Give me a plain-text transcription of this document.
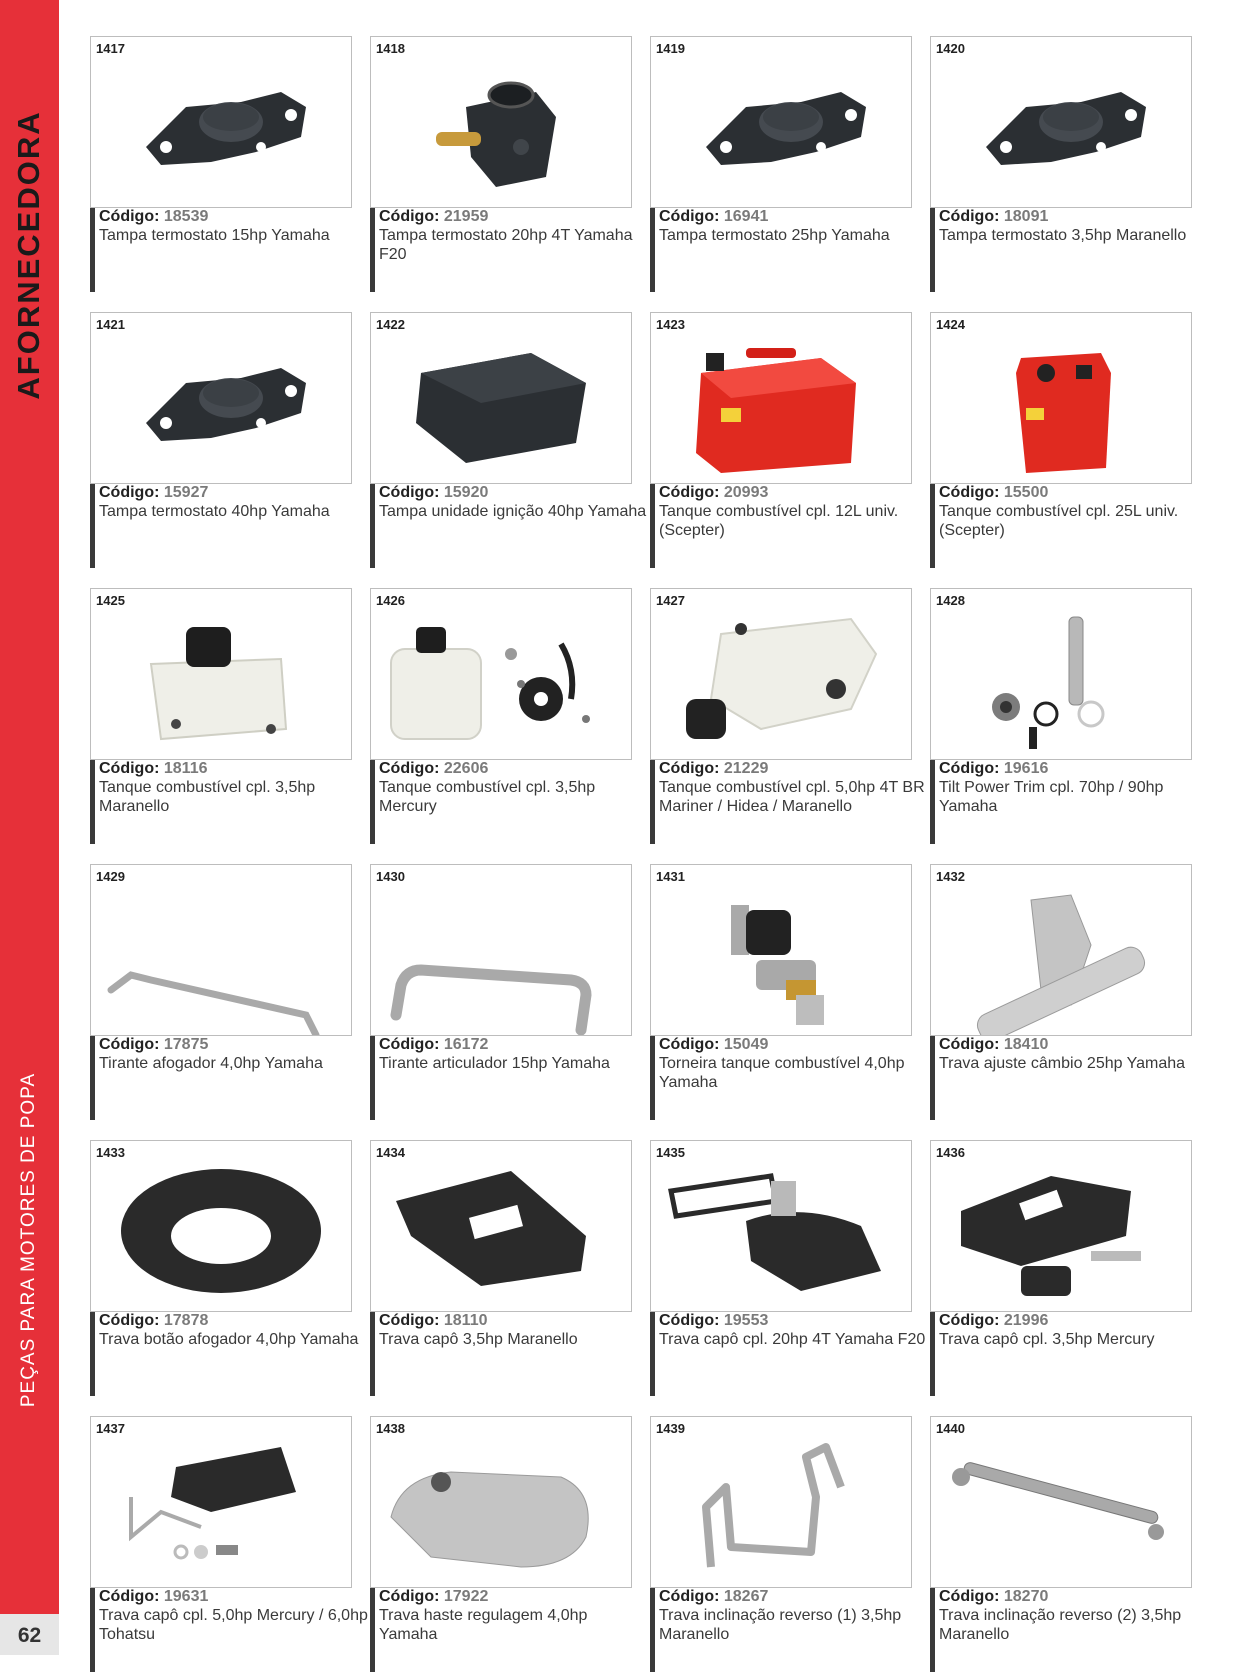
AFORNECEDORA
PEÇAS PARA MOTORES DE POPA
62
1417
Código: 18539
Tampa termostato 15hp Yamaha
1418
Código: 21959
Tampa termostato 20hp 4T Yamaha F20
1419
Código: 16941
Tampa termostato 25hp Yamaha
1420
Código: 18091
Tampa termostato 3,5hp Maranello
1421
Código: 15927
Tampa termostato 40hp Yamaha
1422
Código: 15920
Tampa unidade ignição 40hp Yamaha
1423
Código: 20993
Tanque combustível cpl. 12L univ. (Scepter)
1424
Código: 15500
Tanque combustível cpl. 25L univ. (Scepter)
1425
Código: 18116
Tanque combustível cpl. 3,5hp Maranello
1426
Código: 22606
Tanque combustível cpl. 3,5hp Mercury
1427
Código: 21229
Tanque combustível cpl. 5,0hp 4T BR Mariner / Hidea / Maranello
1428
Código: 19616
Tilt Power Trim cpl. 70hp / 90hp Yamaha
1429
Código: 17875
Tirante afogador 4,0hp Yamaha
1430
Código: 16172
Tirante articulador 15hp Yamaha
1431
Código: 15049
Torneira tanque combustível 4,0hp Yamaha
1432
Código: 18410
Trava ajuste câmbio 25hp Yamaha
1433
Código: 17878
Trava botão afogador 4,0hp Yamaha
1434
Código: 18110
Trava capô 3,5hp Maranello
1435
Código: 19553
Trava capô cpl. 20hp 4T Yamaha F20
1436
Código: 21996
Trava capô cpl. 3,5hp Mercury
1437
Código: 19631
Trava capô cpl. 5,0hp Mercury / 6,0hp Tohatsu
1438
Código: 17922
Trava haste regulagem 4,0hp Yamaha
1439
Código: 18267
Trava inclinação reverso (1) 3,5hp Maranello
1440
Código: 18270
Trava inclinação reverso (2) 3,5hp Maranello
